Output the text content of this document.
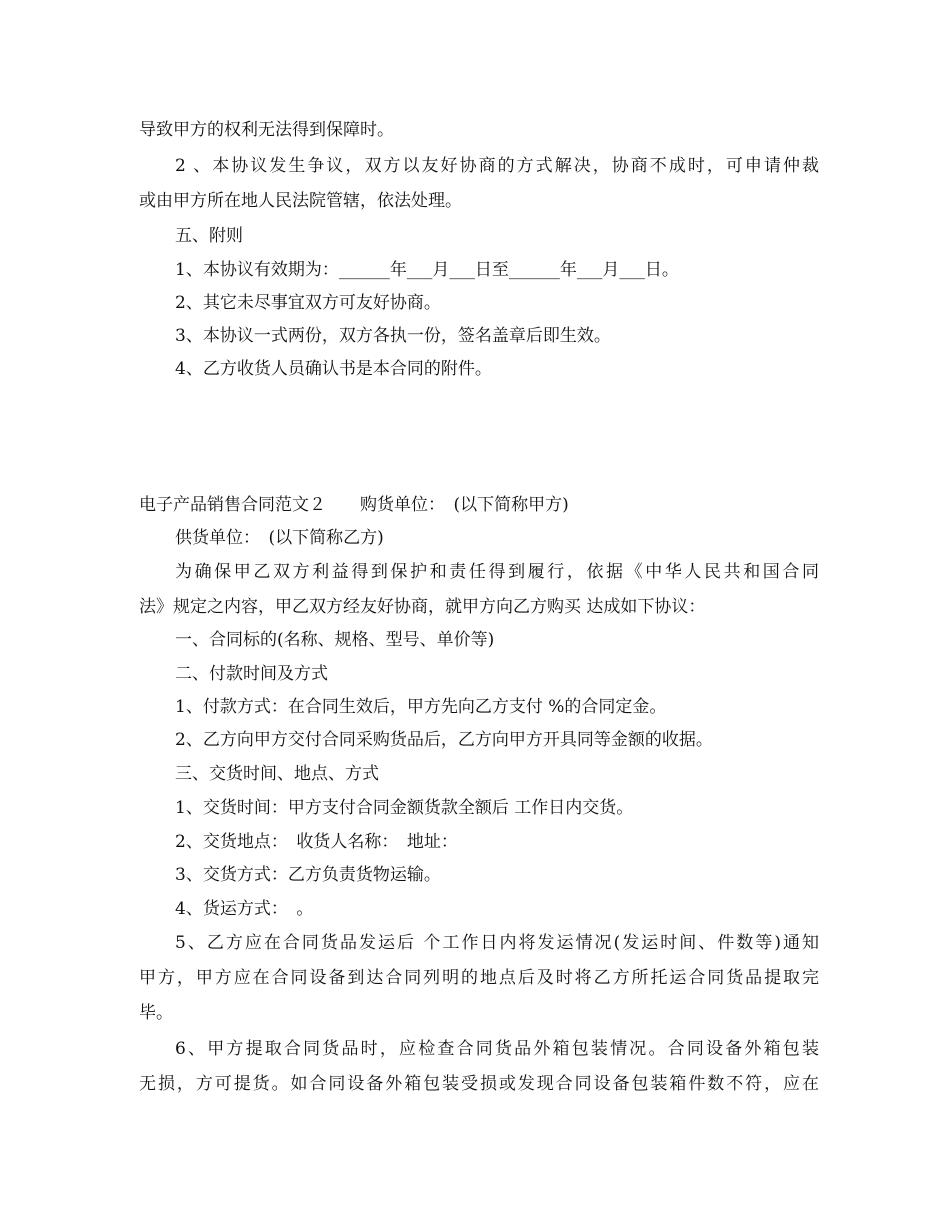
导致甲方的权利无法得到保障时。
2 、本协议发生争议，双方以友好协商的方式解决，协商不成时，可申请仲裁
或由甲方所在地人民法院管辖，依法处理。
五、附则
1、本协议有效期为：______年___月___日至______年___月___日。
2、其它未尽事宜双方可友好协商。
3、本协议一式两份，双方各执一份，签名盖章后即生效。
4、乙方收货人员确认书是本合同的附件。
电子产品销售合同范文２　　购货单位：　(以下简称甲方)
供货单位：　(以下简称乙方)
为确保甲乙双方利益得到保护和责任得到履行，依据《中华人民共和国合同
法》规定之内容，甲乙双方经友好协商，就甲方向乙方购买 达成如下协议：
一、合同标的(名称、规格、型号、单价等)
二、付款时间及方式
1、付款方式：在合同生效后，甲方先向乙方支付 %的合同定金。
2、乙方向甲方交付合同采购货品后，乙方向甲方开具同等金额的收据。
三、交货时间、地点、方式
1、交货时间：甲方支付合同金额货款全额后 工作日内交货。
2、交货地点：　收货人名称：　地址：
3、交货方式：乙方负责货物运输。
4、货运方式：　。
5、乙方应在合同货品发运后 个工作日内将发运情况(发运时间、件数等)通知
甲方，甲方应在合同设备到达合同列明的地点后及时将乙方所托运合同货品提取完
毕。
6、甲方提取合同货品时，应检查合同货品外箱包装情况。合同设备外箱包装
无损，方可提货。如合同设备外箱包装受损或发现合同设备包装箱件数不符，应在
